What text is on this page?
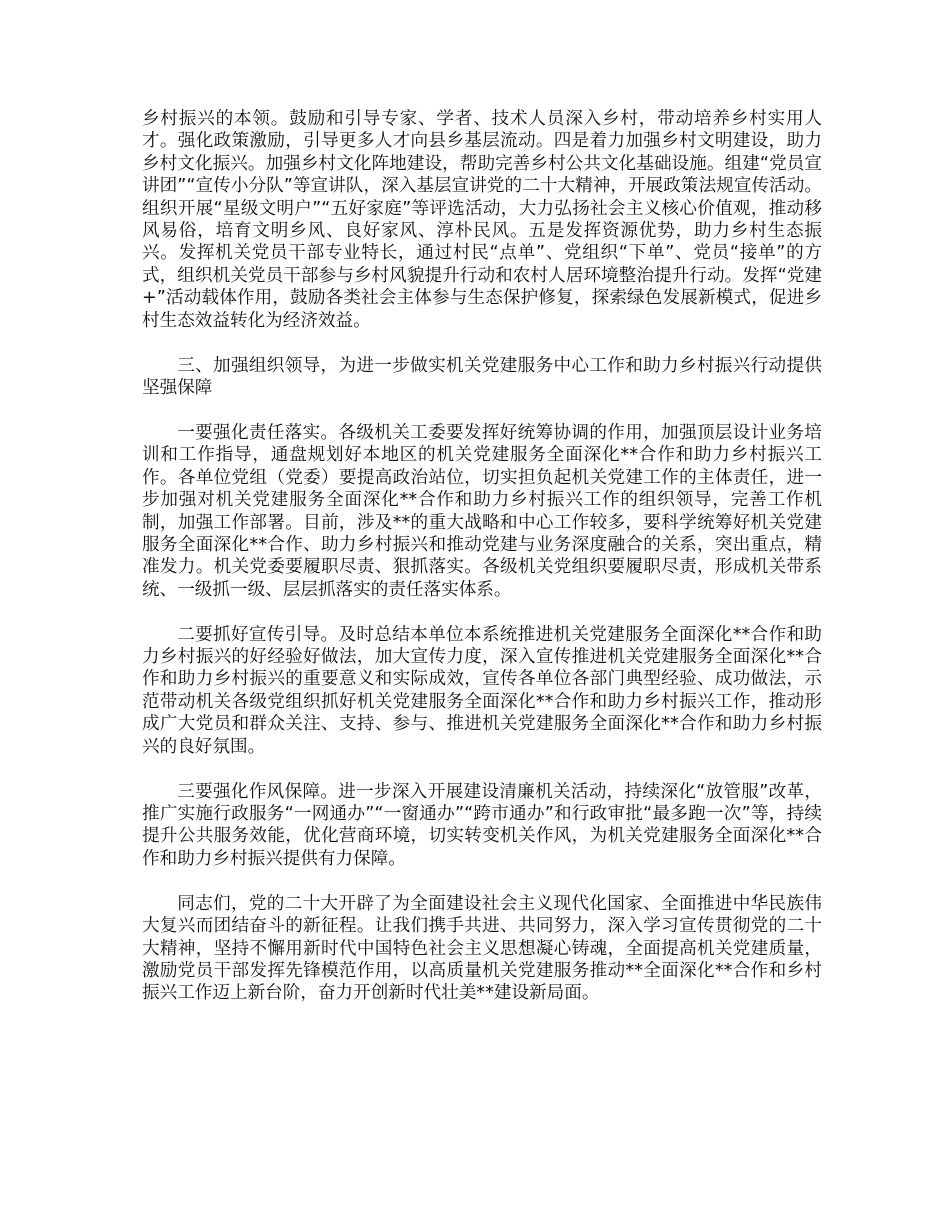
乡村振兴的本领。鼓励和引导专家、学者、技术人员深入乡村，带动培养乡村实用人才。强化政策激励，引导更多人才向县乡基层流动。四是着力加强乡村文明建设，助力乡村文化振兴。加强乡村文化阵地建设，帮助完善乡村公共文化基础设施。组建“党员宣讲团”“宣传小分队”等宣讲队，深入基层宣讲党的二十大精神，开展政策法规宣传活动。组织开展“星级文明户”“五好家庭”等评选活动，大力弘扬社会主义核心价值观，推动移风易俗，培育文明乡风、良好家风、淳朴民风。五是发挥资源优势，助力乡村生态振兴。发挥机关党员干部专业特长，通过村民“点单”、党组织“下单”、党员“接单”的方式，组织机关党员干部参与乡村风貌提升行动和农村人居环境整治提升行动。发挥“党建+”活动载体作用，鼓励各类社会主体参与生态保护修复，探索绿色发展新模式，促进乡村生态效益转化为经济效益。

三、加强组织领导，为进一步做实机关党建服务中心工作和助力乡村振兴行动提供坚强保障

一要强化责任落实。各级机关工委要发挥好统筹协调的作用，加强顶层设计业务培训和工作指导，通盘规划好本地区的机关党建服务全面深化**合作和助力乡村振兴工作。各单位党组（党委）要提高政治站位，切实担负起机关党建工作的主体责任，进一步加强对机关党建服务全面深化**合作和助力乡村振兴工作的组织领导，完善工作机制，加强工作部署。目前，涉及**的重大战略和中心工作较多，要科学统筹好机关党建服务全面深化**合作、助力乡村振兴和推动党建与业务深度融合的关系，突出重点，精准发力。机关党委要履职尽责、狠抓落实。各级机关党组织要履职尽责，形成机关带系统、一级抓一级、层层抓落实的责任落实体系。

二要抓好宣传引导。及时总结本单位本系统推进机关党建服务全面深化**合作和助力乡村振兴的好经验好做法，加大宣传力度，深入宣传推进机关党建服务全面深化**合作和助力乡村振兴的重要意义和实际成效，宣传各单位各部门典型经验、成功做法，示范带动机关各级党组织抓好机关党建服务全面深化**合作和助力乡村振兴工作，推动形成广大党员和群众关注、支持、参与、推进机关党建服务全面深化**合作和助力乡村振兴的良好氛围。

三要强化作风保障。进一步深入开展建设清廉机关活动，持续深化“放管服”改革，推广实施行政服务“一网通办”“一窗通办”“跨市通办”和行政审批“最多跑一次”等，持续提升公共服务效能，优化营商环境，切实转变机关作风，为机关党建服务全面深化**合作和助力乡村振兴提供有力保障。

同志们，党的二十大开辟了为全面建设社会主义现代化国家、全面推进中华民族伟大复兴而团结奋斗的新征程。让我们携手共进、共同努力，深入学习宣传贯彻党的二十大精神，坚持不懈用新时代中国特色社会主义思想凝心铸魂，全面提高机关党建质量，激励党员干部发挥先锋模范作用，以高质量机关党建服务推动**全面深化**合作和乡村振兴工作迈上新台阶，奋力开创新时代壮美**建设新局面。
